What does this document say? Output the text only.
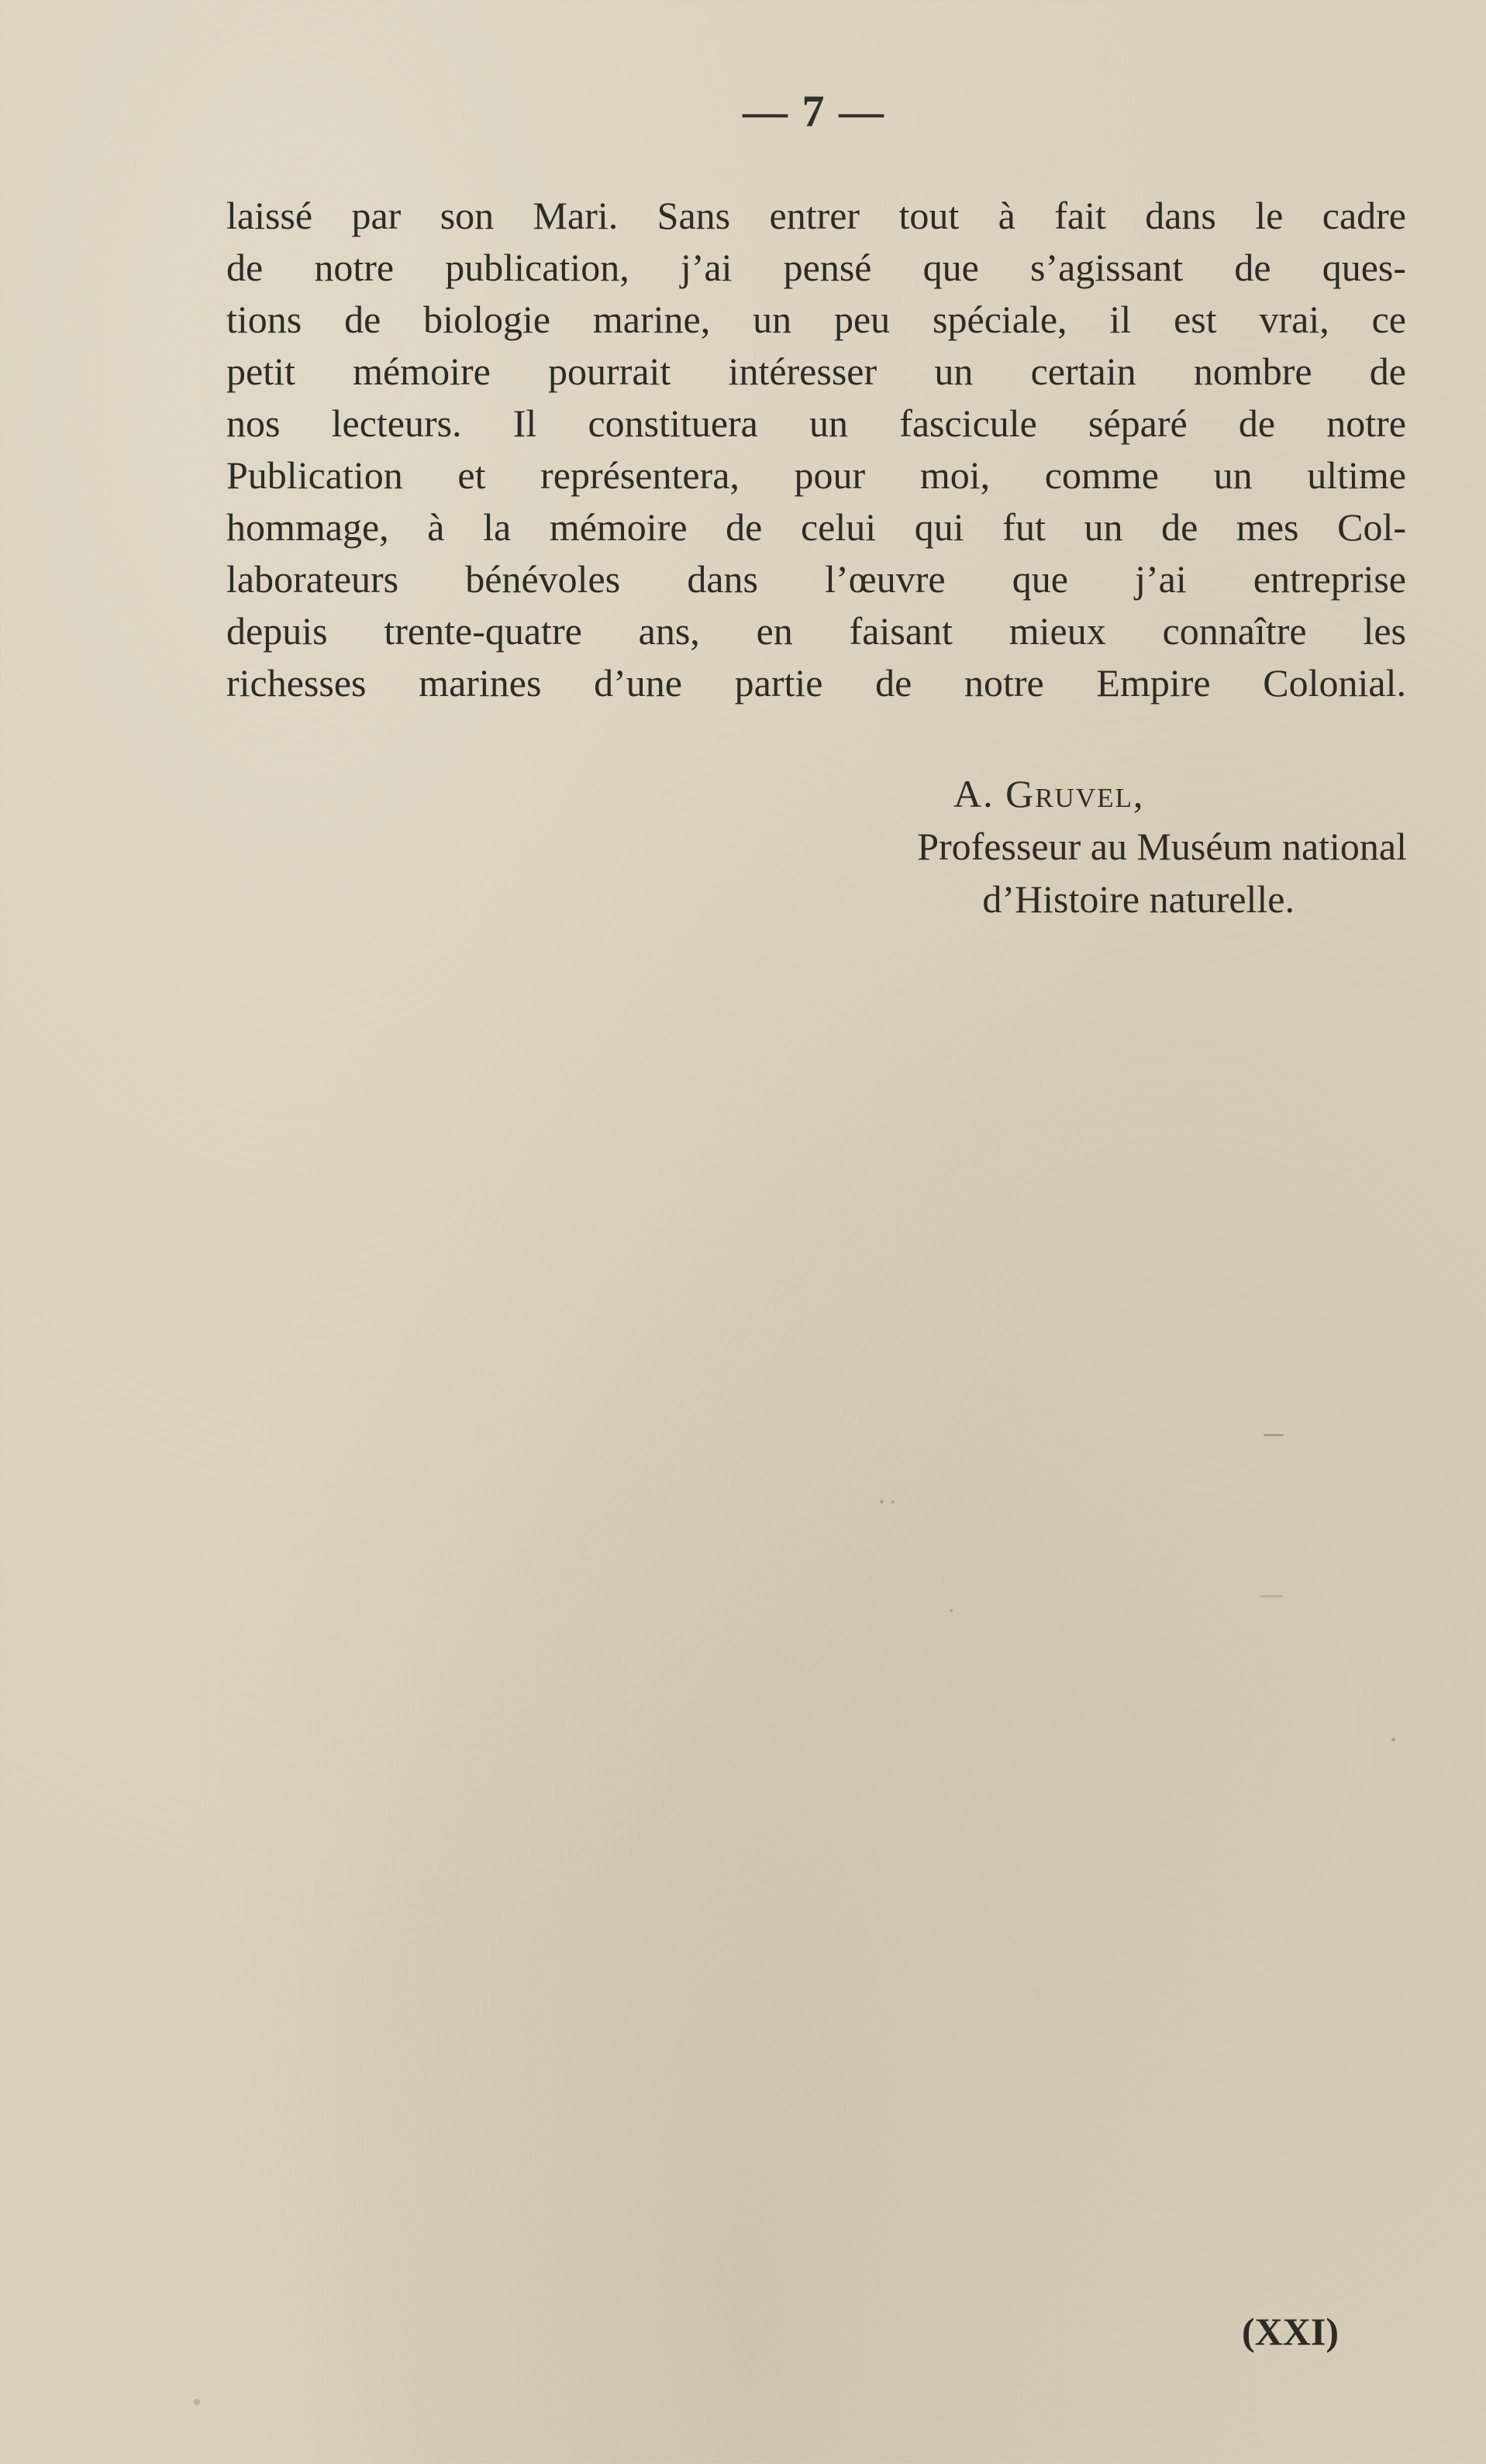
— 7 —

laissé par son Mari. Sans entrer tout à fait dans le cadre
de notre publication, j’ai pensé que s’agissant de ques-
tions de biologie marine, un peu spéciale, il est vrai, ce
petit mémoire pourrait intéresser un certain nombre de
nos lecteurs. Il constituera un fascicule séparé de notre
Publication et représentera, pour moi, comme un ultime
hommage, à la mémoire de celui qui fut un de mes Col-
laborateurs bénévoles dans l’œuvre que j’ai entreprise
depuis trente-quatre ans, en faisant mieux connaître les
richesses marines d’une partie de notre Empire Colonial.

A. Gruvel,
Professeur au Muséum national
d’Histoire naturelle.
(XXI)
